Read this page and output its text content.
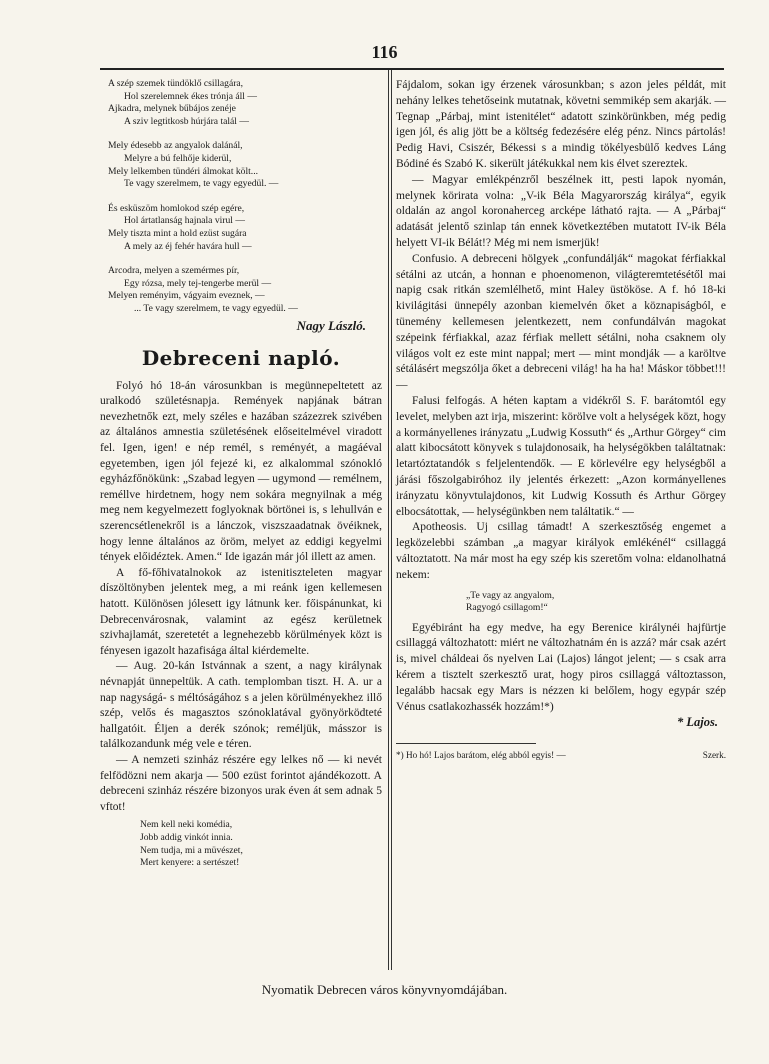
116
A szép szemek tündöklő csillagára,
Hol szerelemnek ékes trónja áll —
Ajkadra, melynek bűbájos zenéje
A sziv legtitkosb húrjára talál —
Mely édesebb az angyalok dalánál,
Melyre a bú felhője kiderül,
Mely lelkemben tündéri álmokat költ...
Te vagy szerelmem, te vagy egyedül. —
És esküszöm homlokod szép egére,
Hol ártatlanság hajnala virul —
Mely tiszta mint a hold ezüst sugára
A mely az éj fehér havára hull —
Arcodra, melyen a szemérmes pír,
Egy rózsa, mely tej-tengerbe merül —
Melyen reményim, vágyaim eveznek, —
... Te vagy szerelmem, te vagy egyedül. —
Nagy László.
Debreceni napló.

Folyó hó 18-án városunkban is megünnepeltetett az uralkodó születésnapja. Remények napjának bátran nevezhetnők ezt, mely széles e hazában százezrek szivében az általános amnestia születésének előseitelmével viradott fel. Igen, igen! e nép remél, s reményét, a magáéval egyetemben, igen jól fejezé ki, ez alkalommal szónokló egyházfőnökünk: „Szabad legyen — ugymond — remélnem, reméllve hirdetnem, hogy nem sokára megnyilnak a még meg nem kegyelmezett foglyoknak börtönei is, s lehullván e szerencsétlenekről is a lánczok, viszszaadatnak övéiknek, hogy lenne általános az öröm, melyet az eddigi kegyelmi tények előidéztek. Amen.“ Ide igazán már jól illett az amen.

A fő-főhivatalnokok az istenitiszteleten magyar díszöltönyben jelentek meg, a mi reánk igen kellemesen hatott. Különösen jólesett igy látnunk ker. főispánunkat, ki Debrecenvárosnak, valamint az egész kerületnek szivhajlamát, szeretetét a legnehezebb körülmények közt is fényesen igazolt hazafisága által kiérdemelte.

— Aug. 20-kán Istvánnak a szent, a nagy királynak névnapját ünnepeltük. A cath. templomban tiszt. H. A. ur a nap nagyságá- s méltóságához s a jelen körülményekhez illő szép, velős és magasztos szónoklatával gyönyörködteté hallgatóit. Éljen a derék szónok; reméljük, másszor is találkozandunk még vele e téren.

— A nemzeti szinház részére egy lelkes nő — ki nevét felfödözni nem akarja — 500 ezüst forintot ajándékozott. A debreceni szinház részére bizonyos urak éven át sem adnak 5 vftot!

Nem kell neki komédia,
Jobb addig vinkót innia.
Nem tudja, mi a müvészet,
Mert kenyere: a sertészet!

Fájdalom, sokan igy érzenek városunkban; s azon jeles példát, mit nehány lelkes tehetőseink mutatnak, követni semmikép sem akarják. — Tegnap „Párbaj, mint istenitélet“ adatott szinkörünkben, még pedig igen jól, és alig jött be a költség fedezésére elég pénz. Nincs pártolás! Pedig Havi, Csiszér, Békessi s a mindig tökélyesbülő kedves Láng Bódiné és Szabó K. sikerült játékukkal nem kis élvet szereztek.

— Magyar emlékpénzről beszélnek itt, pesti lapok nyomán, melynek körirata volna: „V-ik Béla Magyarország királya“, egyik oldalán az angol koronaherceg arcképe látható rajta. — A „Párbaj“ adatását jelentő szinlap tán ennek következtében mutatott IV-ik Béla helyett VI-ik Bélát!? Még mi nem ismerjük!

Confusio. A debreceni hölgyek „confundálják“ magokat férfiakkal sétálni az utcán, a honnan e phoenomenon, világteremtetésétől mai napig csak ritkán szemlélhető, mint Haley üstököse. A f. hó 18-ki kivilágitási ünnepély azonban kiemelvén őket a köznapiságból, e tünemény kellemesen jelentkezett, nem confundálván magokat szépeink férfiakkal, azaz férfiak mellett sétálni, noha csaknem oly világos volt ez este mint nappal; mert — mint mondják — a karöltve sétálásért megszólja őket a debreceni világ! ha ha ha! Máskor többet!!! —

Falusi felfogás. A héten kaptam a vidékről S. F. barátomtól egy levelet, melyben azt irja, miszerint: körölve volt a helységek közt, hogy a kormányellenes irányzatu „Ludwig Kossuth“ és „Arthur Görgey“ cim alatt kibocsátott könyvek s tulajdonosaik, ha helységökben találtatnak: letartóztatandók s feljelentendők. — E körlevélre egy helységből a járási főszolgabiróhoz ily jelentés érkezett: „Azon kormányellenes irányzatu könyvtulajdonos, kit Ludwig Kossuth és Arthur Görgey elbocsátottak, — helységünkben nem találtatik.“ —

Apotheosis. Uj csillag támadt! A szerkesztőség engemet a legközelebbi számban „a magyar királyok emlékénél“ csillaggá változtatott. Na már most ha egy szép kis szeretőm volna: eldanolhatná nekem:

„Te vagy az angyalom,
Ragyogó csillagom!“

Egyébiránt ha egy medve, ha egy Berenice királynéi hajfürtje csillaggá változhatott: miért ne változhatnám én is azzá? már csak azért is, mivel cháldeai ős nyelven Lai (Lajos) lángot jelent; — s csak arra kérem a tisztelt szerkesztő urat, hogy piros csillaggá változtasson, legalább hacsak egy Mars is nézzen ki belőlem, hogy egypár szép Vénus csatlakozhassék hozzám!*)

* Lajos.
*) Ho hó! Lajos barátom, elég abból egyis! —	Szerk.
Nyomatik Debrecen város könyvnyomdájában.
